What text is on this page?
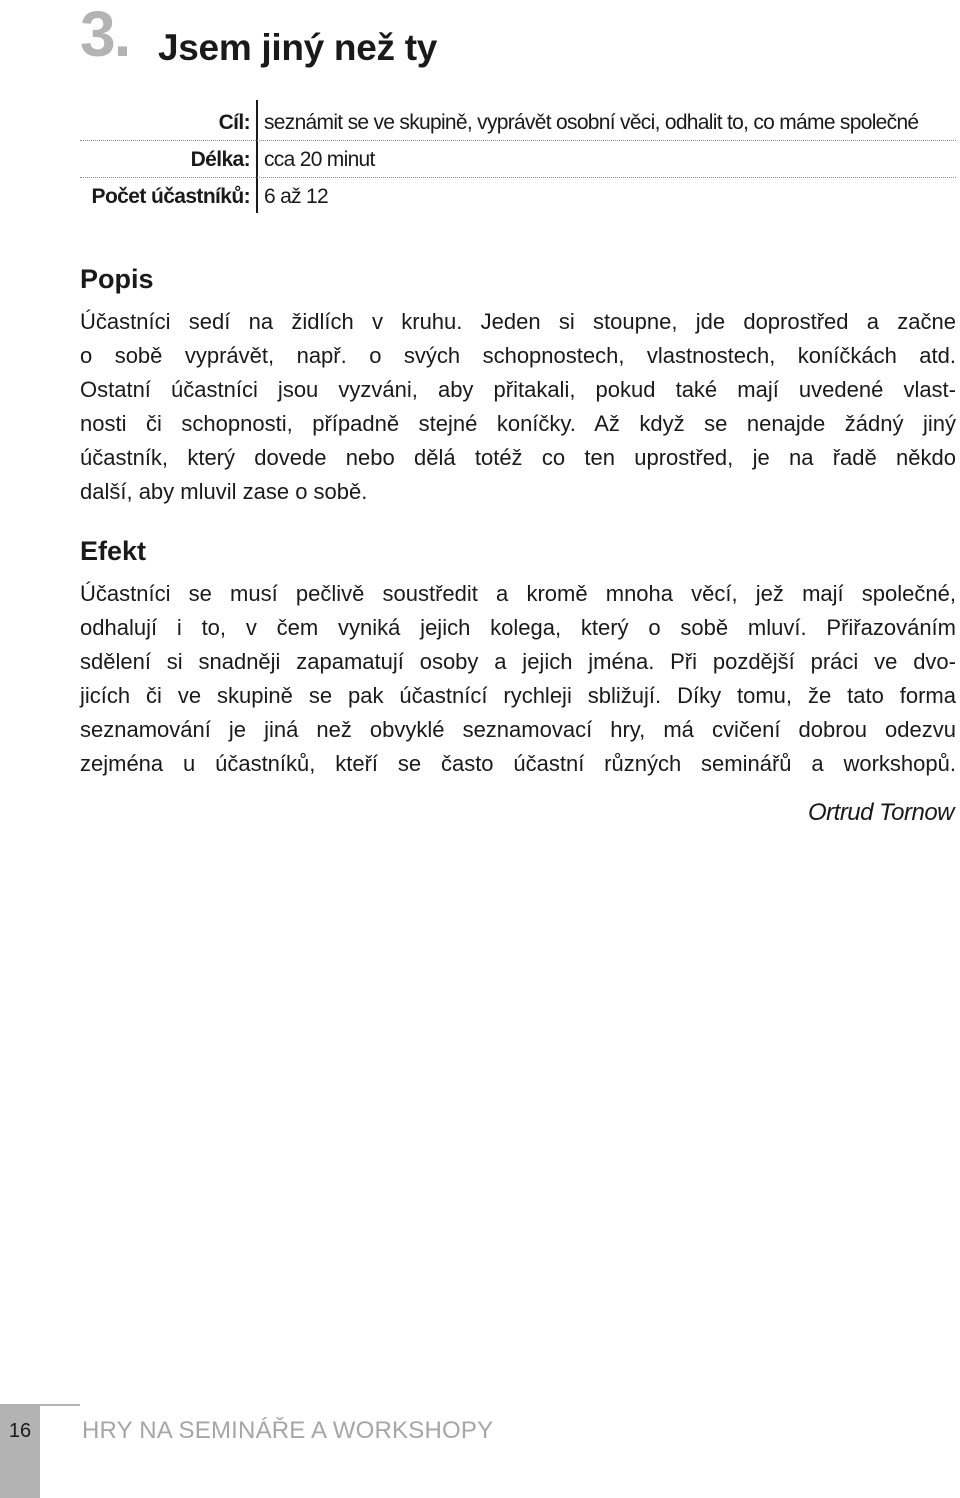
3. Jsem jiný než ty
Cíl: seznámit se ve skupině, vyprávět osobní věci, odhalit to, co máme společné
Délka: cca 20 minut
Počet účastníků: 6 až 12
Popis
Účastníci sedí na židlích v kruhu. Jeden si stoupne, jde doprostřed a začne
o sobě vyprávět, např. o svých schopnostech, vlastnostech, koníčkách atd.
Ostatní účastníci jsou vyzváni, aby přitakali, pokud také mají uvedené vlast-
nosti či schopnosti, případně stejné koníčky. Až když se nenajde žádný jiný
účastník, který dovede nebo dělá totéž co ten uprostřed, je na řadě někdo
další, aby mluvil zase o sobě.
Efekt
Účastníci se musí pečlivě soustředit a kromě mnoha věcí, jež mají společné,
odhalují i to, v čem vyniká jejich kolega, který o sobě mluví. Přiřazováním
sdělení si snadněji zapamatují osoby a jejich jména. Při pozdější práci ve dvo-
jicích či ve skupině se pak účastnící rychleji sbližují. Díky tomu, že tato forma
seznamování je jiná než obvyklé seznamovací hry, má cvičení dobrou odezvu
zejména u účastníků, kteří se často účastní různých seminářů a workshopů.
Ortrud Tornow
16	HRY NA SEMINÁŘE A WORKSHOPY
